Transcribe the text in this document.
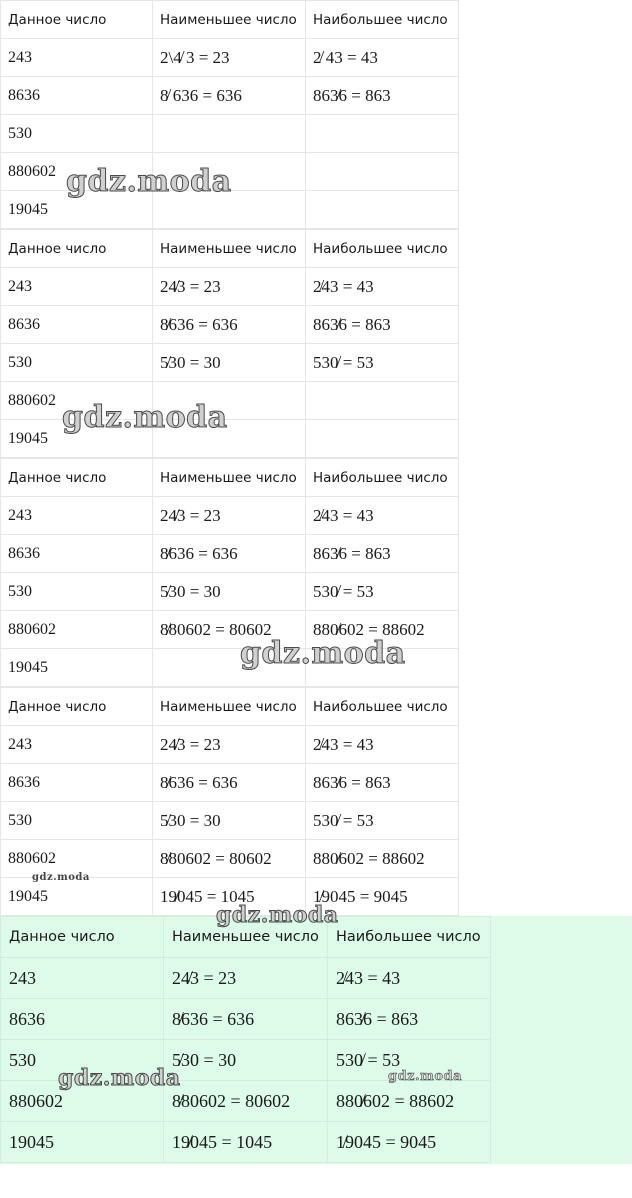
Данное число	Наименьшее число	Наибольшее число
243	2\4̸ 3 = 23	2̸ 43 = 43
8636	8̸ 636 = 636	863̸6 = 863
530		
880602		
19045		
Данное число	Наименьшее число	Наибольшее число
243	24̸3 = 23	2̸43 = 43
8636	8̸636 = 636	863̸6 = 863
530	5̸30 = 30	530̸ = 53
880602		
19045		
Данное число	Наименьшее число	Наибольшее число
243	24̸3 = 23	2̸43 = 43
8636	8̸636 = 636	863̸6 = 863
530	5̸30 = 30	530̸ = 53
880602	8̸80602 = 80602	880̸602 = 88602
19045		
Данное число	Наименьшее число	Наибольшее число
243	24̸3 = 23	2̸43 = 43
8636	8̸636 = 636	863̸6 = 863
530	5̸30 = 30	530̸ = 53
880602	8̸80602 = 80602	880̸602 = 88602
19045	19̸045 = 1045	1̸9045 = 9045
Данное число	Наименьшее число	Наибольшее число
243	24̸3 = 23	2̸43 = 43
8636	8̸636 = 636	863̸6 = 863
530	5̸30 = 30	530̸ = 53
880602	8̸80602 = 80602	880̸602 = 88602
19045	19̸045 = 1045	1̸9045 = 9045
gdz.moda
gdz.moda
gdz.moda
gdz.moda
gdz.moda
gdz.moda	gdz.moda
